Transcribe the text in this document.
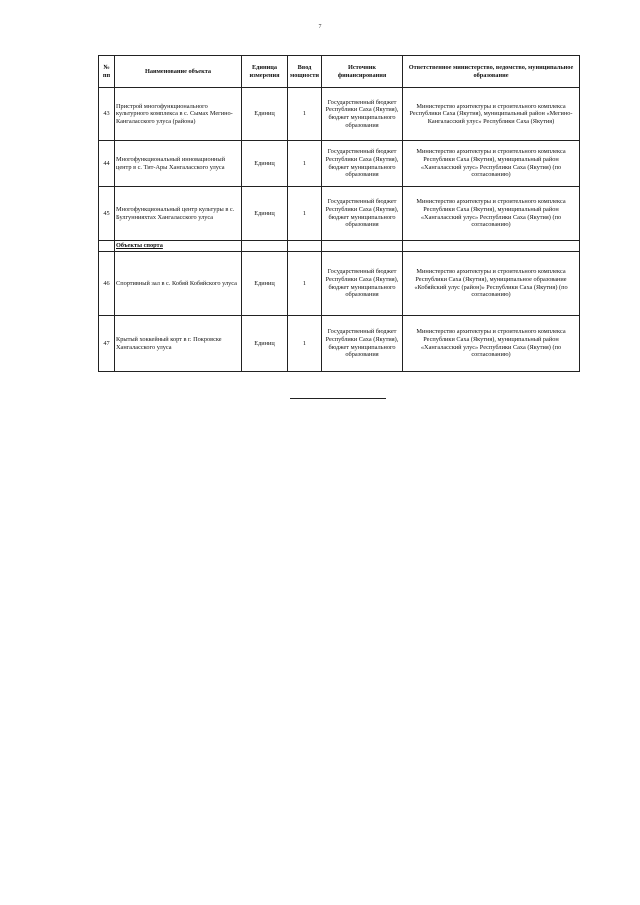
7
№ пп	Наименование объекта	Единица измерения	Ввод мощности	Источник финансирования	Ответственное министерство, ведомство, муниципальное образование
43	Пристрой многофункционального культурного комплекса в с. Сымах Мегино-Кангаласского улуса (района)	Единиц	1	Государственный бюджет Республики Саха (Якутия), бюджет муниципального образования	Министерство архитектуры и строительного комплекса Республики Саха (Якутия), муниципальный район «Мегино-Кангаласский улус» Республики Саха (Якутия)
44	Многофункциональный инновационный центр в с. Тит-Ары Хангаласского улуса	Единиц	1	Государственный бюджет Республики Саха (Якутия), бюджет муниципального образования	Министерство архитектуры и строительного комплекса Республики Саха (Якутия), муниципальный район «Хангаласский улус» Республики Саха (Якутия) (по согласованию)
45	Многофункциональный центр культуры в с. Булгуннияхтах Хангаласского улуса	Единиц	1	Государственный бюджет Республики Саха (Якутия), бюджет муниципального образования	Министерство архитектуры и строительного комплекса Республики Саха (Якутия), муниципальный район «Хангаласский улус» Республики Саха (Якутия) (по согласованию)
	Объекты спорта				
46	Спортивный зал в с. Кобяй Кобяйского улуса	Единиц	1	Государственный бюджет Республики Саха (Якутия), бюджет муниципального образования	Министерство архитектуры и строительного комплекса Республики Саха (Якутия), муниципальное образование «Кобяйский улус (район)» Республики Саха (Якутия) (по согласованию)
47	Крытый хоккейный корт в г. Покровске Хангаласского улуса	Единиц	1	Государственный бюджет Республики Саха (Якутия), бюджет муниципального образования	Министерство архитектуры и строительного комплекса Республики Саха (Якутия), муниципальный район «Хангаласский улус» Республики Саха (Якутия) (по согласованию)
